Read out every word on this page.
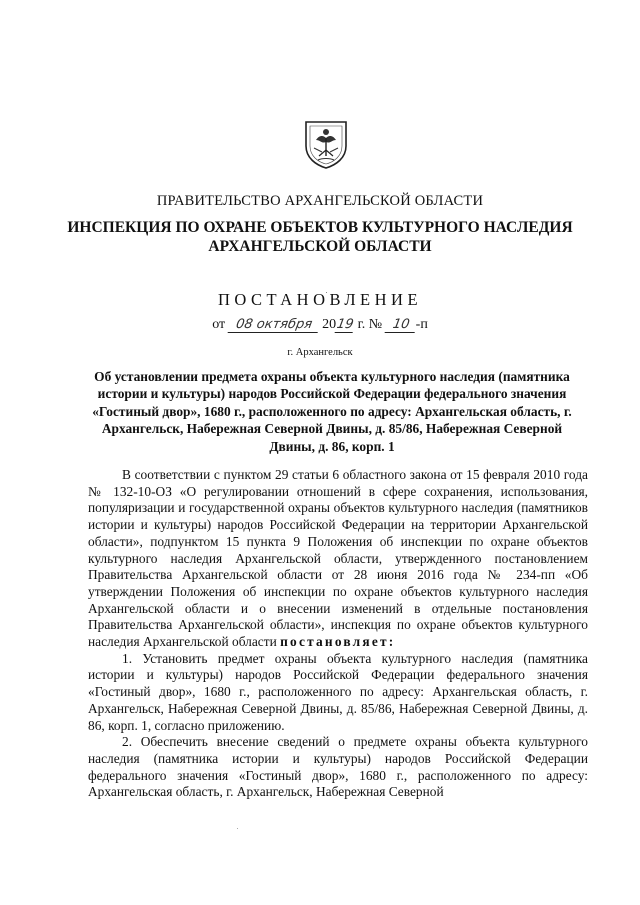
ПРАВИТЕЛЬСТВО АРХАНГЕЛЬСКОЙ ОБЛАСТИ
ИНСПЕКЦИЯ ПО ОХРАНЕ ОБЪЕКТОВ КУЛЬТУРНОГО НАСЛЕДИЯ
АРХАНГЕЛЬСКОЙ ОБЛАСТИ
ПОСТАНОВЛЕНИЕ
от 08 октября 2019 г. № 10 -п
г. Архангельск
Об установлении предмета охраны объекта культурного наследия (памятника истории и культуры) народов Российской Федерации федерального значения «Гостиный двор», 1680 г., расположенного по адресу: Архангельская область, г. Архангельск, Набережная Северной Двины, д. 85/86, Набережная Северной Двины, д. 86, корп. 1

В соответствии с пунктом 29 статьи 6 областного закона от 15 февраля 2010 года № 132-10-ОЗ «О регулировании отношений в сфере сохранения, использования, популяризации и государственной охраны объектов культурного наследия (памятников истории и культуры) народов Российской Федерации на территории Архангельской области», подпунктом 15 пункта 9 Положения об инспекции по охране объектов культурного наследия Архангельской области, утвержденного постановлением Правительства Архангельской области от 28 июня 2016 года № 234-пп «Об утверждении Положения об инспекции по охране объектов культурного наследия Архангельской области и о внесении изменений в отдельные постановления Правительства Архангельской области», инспекция по охране объектов культурного наследия Архангельской области постановляет:

1. Установить предмет охраны объекта культурного наследия (памятника истории и культуры) народов Российской Федерации федерального значения «Гостиный двор», 1680 г., расположенного по адресу: Архангельская область, г. Архангельск, Набережная Северной Двины, д. 85/86, Набережная Северной Двины, д. 86, корп. 1, согласно приложению.

2. Обеспечить внесение сведений о предмете охраны объекта культурного наследия (памятника истории и культуры) народов Российской Федерации федерального значения «Гостиный двор», 1680 г., расположенного по адресу: Архангельская область, г. Архангельск, Набережная Северной
